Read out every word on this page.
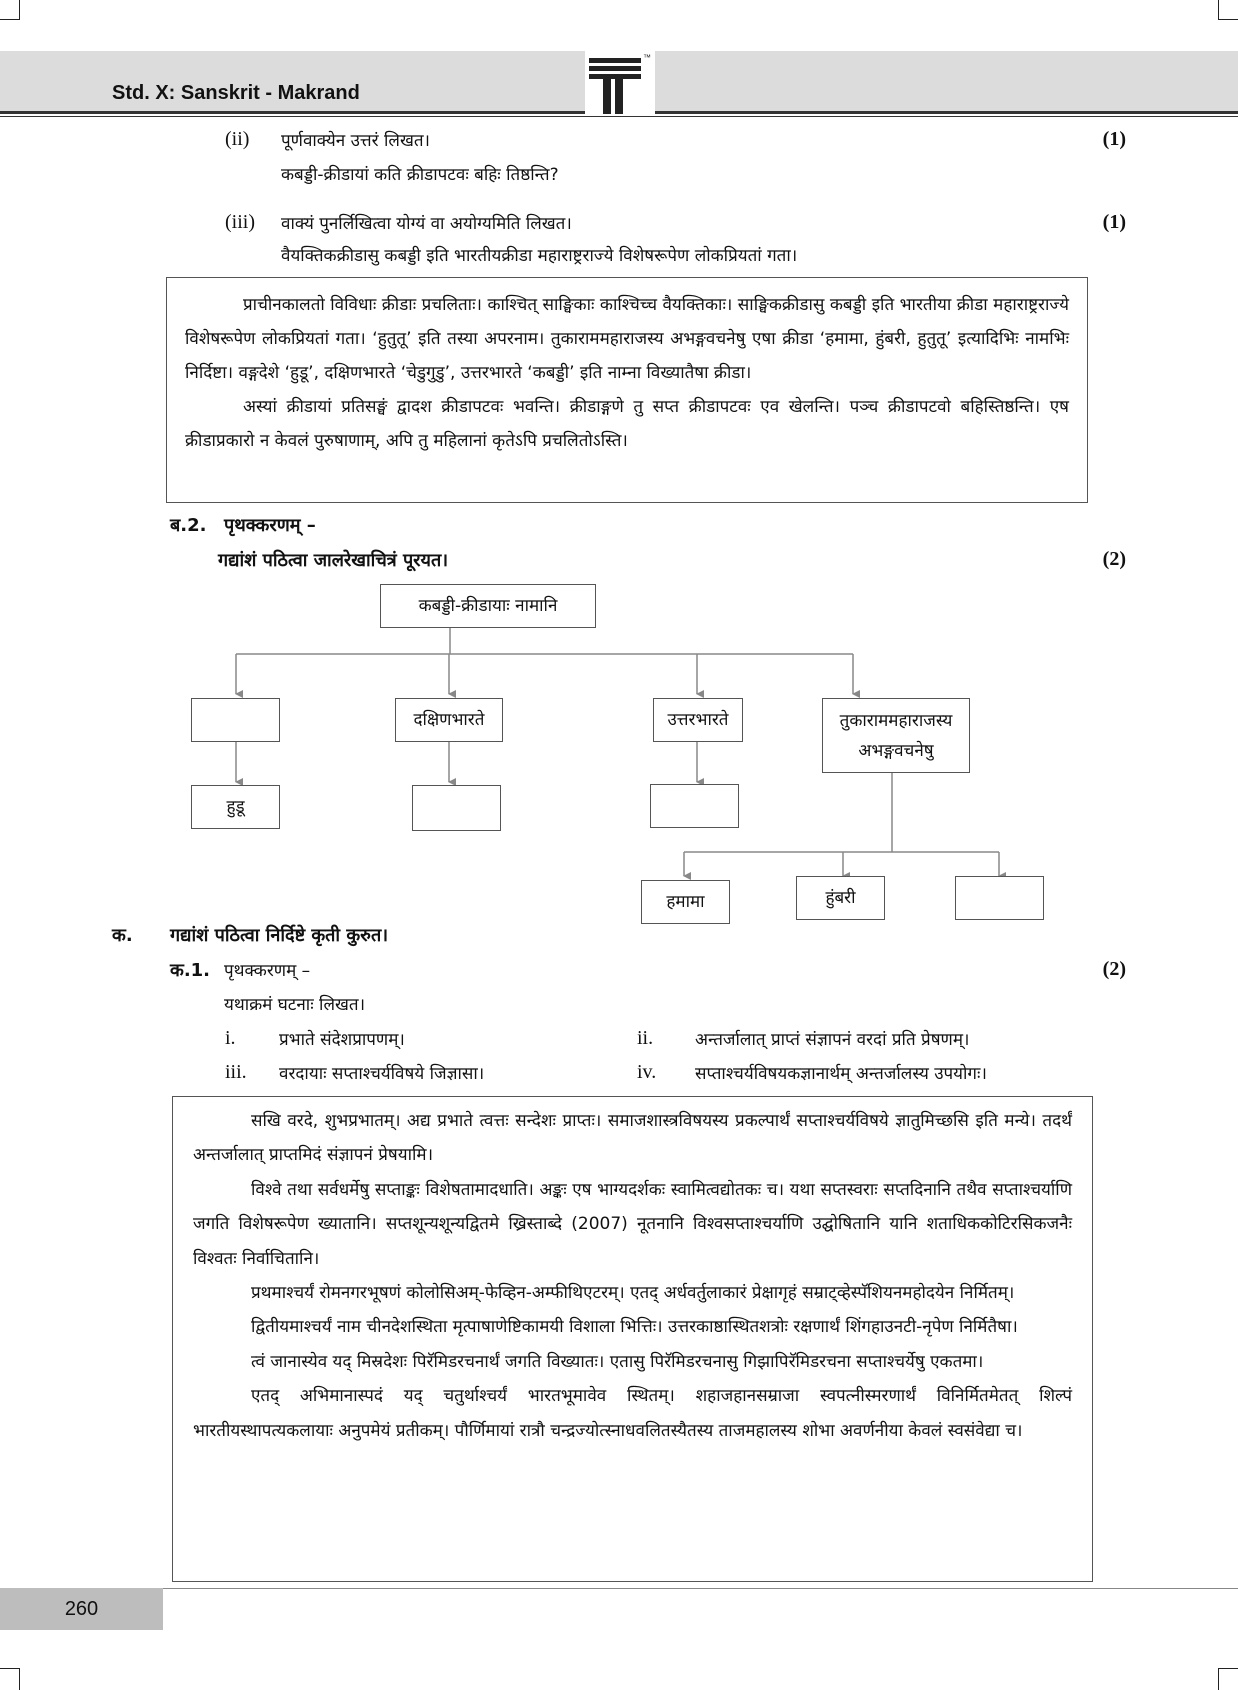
Std. X: Sanskrit - Makrand
™
(ii) पूर्णवाक्येन उत्तरं लिखत।	(1)
कबड्डी-क्रीडायां कति क्रीडापटवः बहिः तिष्ठन्ति?
(iii) वाक्यं पुनर्लिखित्वा योग्यं वा अयोग्यमिति लिखत।	(1)
वैयक्तिकक्रीडासु कबड्डी इति भारतीयक्रीडा महाराष्ट्रराज्ये विशेषरूपेण लोकप्रियतां गता।

प्राचीनकालतो विविधाः क्रीडाः प्रचलिताः। काश्चित् साङ्घिकाः काश्चिच्च वैयक्तिकाः। साङ्घिकक्रीडासु कबड्डी इति भारतीया क्रीडा महाराष्ट्रराज्ये विशेषरूपेण लोकप्रियतां गता। ‘हुतुतू’ इति तस्या अपरनाम। तुकाराममहाराजस्य अभङ्गवचनेषु एषा क्रीडा ‘हमामा, हुंबरी, हुतुतू’ इत्यादिभिः नामभिः निर्दिष्टा। वङ्गदेशे ‘हुडू’, दक्षिणभारते ‘चेडुगुडु’, उत्तरभारते ‘कबड्डी’ इति नाम्ना विख्यातैषा क्रीडा।

अस्यां क्रीडायां प्रतिसङ्घं द्वादश क्रीडापटवः भवन्ति। क्रीडाङ्गणे तु सप्त क्रीडापटवः एव खेलन्ति। पञ्च क्रीडापटवो बहिस्तिष्ठन्ति। एष क्रीडाप्रकारो न केवलं पुरुषाणाम्, अपि तु महिलानां कृतेऽपि प्रचलितोऽस्ति।

ब.2. पृथक्करणम् –
गद्यांशं पठित्वा जालरेखाचित्रं पूरयत।	(2)
कबड्डी-क्रीडायाः नामानि
दक्षिणभारते	उत्तरभारते	तुकाराममहाराजस्य
अभङ्गवचनेषु
हुडू
हमामा	हुंबरी
क. गद्यांशं पठित्वा निर्दिष्टे कृती कुरुत।
क.1. पृथक्करणम् –	(2)
यथाक्रमं घटनाः लिखत।
i.	प्रभाते संदेशप्रापणम्।	ii. अन्तर्जालात् प्राप्तं संज्ञापनं वरदां प्रति प्रेषणम्।
iii. वरदायाः सप्ताश्चर्यविषये जिज्ञासा।	iv. सप्ताश्चर्यविषयकज्ञानार्थम् अन्तर्जालस्य उपयोगः।

सखि वरदे, शुभप्रभातम्। अद्य प्रभाते त्वत्तः सन्देशः प्राप्तः। समाजशास्त्रविषयस्य प्रकल्पार्थं सप्ताश्चर्यविषये ज्ञातुमिच्छसि इति मन्ये। तदर्थं अन्तर्जालात् प्राप्तमिदं संज्ञापनं प्रेषयामि।

विश्वे तथा सर्वधर्मेषु सप्ताङ्कः विशेषतामादधाति। अङ्कः एष भाग्यदर्शकः स्वामित्वद्योतकः च। यथा सप्तस्वराः सप्तदिनानि तथैव सप्ताश्चर्याणि जगति विशेषरूपेण ख्यातानि। सप्तशून्यशून्यद्वितमे ख्रिस्ताब्दे (2007) नूतनानि विश्वसप्ताश्चर्याणि उद्घोषितानि यानि शताधिककोटिरसिकजनैः विश्वतः निर्वाचितानि।

प्रथमाश्चर्यं रोमनगरभूषणं कोलोसिअम्-फेव्हिन-अम्फीथिएटरम्। एतद् अर्धवर्तुलाकारं प्रेक्षागृहं सम्राट्व्हेस्पॅशियनमहोदयेन निर्मितम्।

द्वितीयमाश्चर्यं नाम चीनदेशस्थिता मृत्पाषाणेष्टिकामयी विशाला भित्तिः। उत्तरकाष्ठास्थितशत्रोः रक्षणार्थं शिंगहाउनटी-नृपेण निर्मितैषा।

त्वं जानास्येव यद् मिस्रदेशः पिरॅमिडरचनार्थं जगति विख्यातः। एतासु पिरॅमिडरचनासु गिझापिरॅमिडरचना सप्ताश्चर्येषु एकतमा।

एतद् अभिमानास्पदं यद् चतुर्थाश्चर्यं भारतभूमावेव स्थितम्। शहाजहानसम्राजा स्वपत्नीस्मरणार्थं विनिर्मितमेतत् शिल्पं भारतीयस्थापत्यकलायाः अनुपमेयं प्रतीकम्। पौर्णिमायां रात्रौ चन्द्रज्योत्स्नाधवलितस्यैतस्य ताजमहालस्य शोभा अवर्णनीया केवलं स्वसंवेद्या च।

260
